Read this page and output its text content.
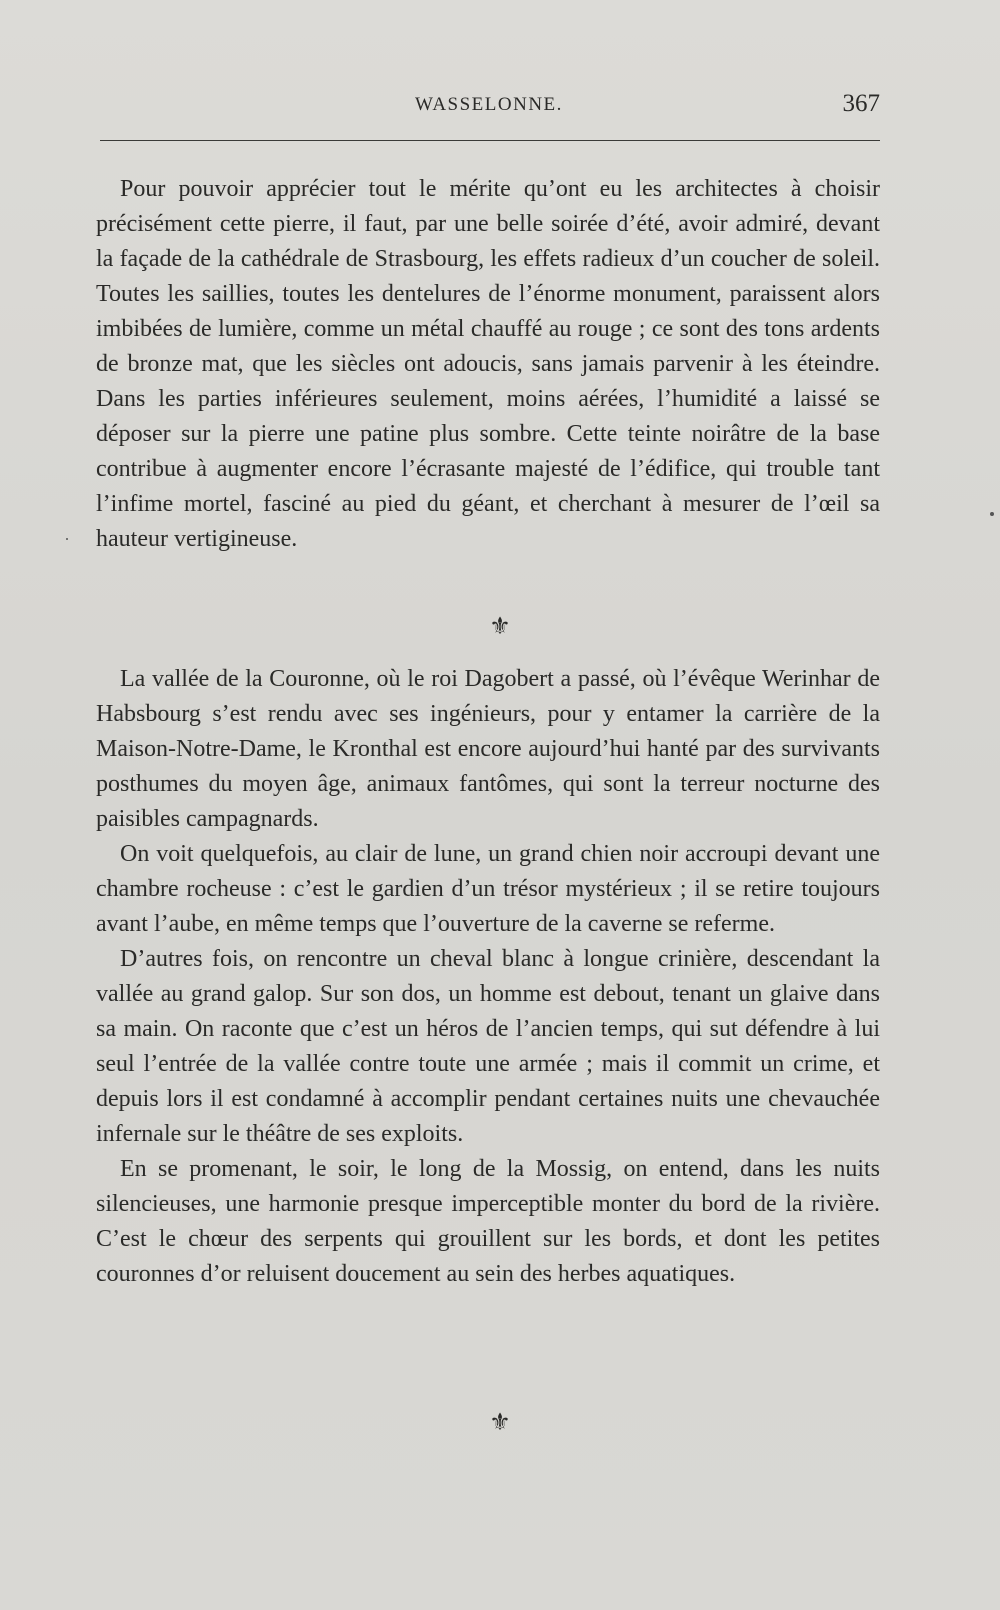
WASSELONNE.	367

Pour pouvoir apprécier tout le mérite qu’ont eu les architectes à choisir précisément cette pierre, il faut, par une belle soirée d’été, avoir admiré, devant la façade de la cathédrale de Strasbourg, les effets radieux d’un coucher de soleil. Toutes les saillies, toutes les dentelures de l’énorme monument, paraissent alors imbibées de lumière, comme un métal chauffé au rouge ; ce sont des tons ardents de bronze mat, que les siècles ont adoucis, sans jamais parvenir à les éteindre. Dans les parties inférieures seulement, moins aérées, l’humidité a laissé se déposer sur la pierre une patine plus sombre. Cette teinte noirâtre de la base contribue à augmenter encore l’écrasante majesté de l’édifice, qui trouble tant l’infime mortel, fasciné au pied du géant, et cherchant à mesurer de l’œil sa hauteur vertigineuse.

⚜

La vallée de la Couronne, où le roi Dagobert a passé, où l’évêque Werinhar de Habsbourg s’est rendu avec ses ingénieurs, pour y entamer la carrière de la Maison-Notre-Dame, le Kronthal est encore aujourd’hui hanté par des survivants posthumes du moyen âge, animaux fantômes, qui sont la terreur nocturne des paisibles campagnards.

On voit quelquefois, au clair de lune, un grand chien noir accroupi devant une chambre rocheuse : c’est le gardien d’un trésor mystérieux ; il se retire toujours avant l’aube, en même temps que l’ouverture de la caverne se referme.

D’autres fois, on rencontre un cheval blanc à longue crinière, descendant la vallée au grand galop. Sur son dos, un homme est debout, tenant un glaive dans sa main. On raconte que c’est un héros de l’ancien temps, qui sut défendre à lui seul l’entrée de la vallée contre toute une armée ; mais il commit un crime, et depuis lors il est condamné à accomplir pendant certaines nuits une chevauchée infernale sur le théâtre de ses exploits.

En se promenant, le soir, le long de la Mossig, on entend, dans les nuits silencieuses, une harmonie presque imperceptible monter du bord de la rivière. C’est le chœur des serpents qui grouillent sur les bords, et dont les petites couronnes d’or reluisent doucement au sein des herbes aquatiques.

⚜
